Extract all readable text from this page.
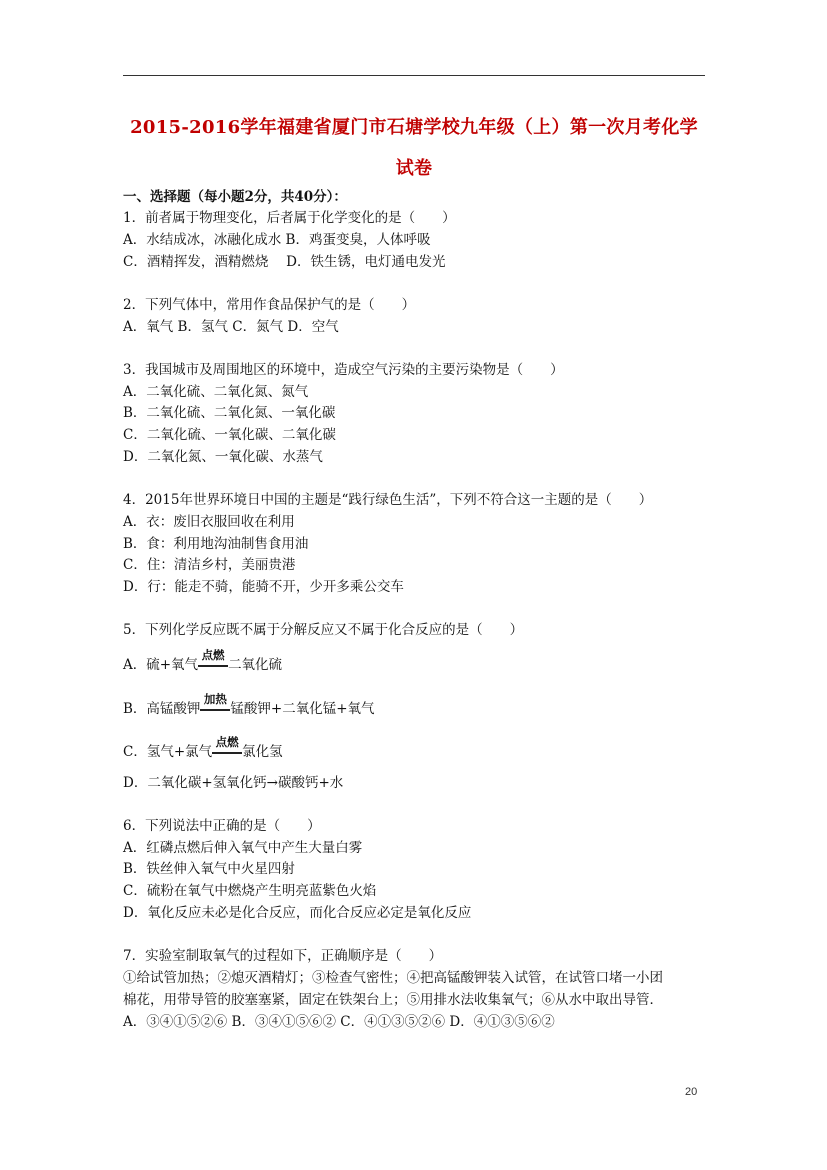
2015-2016学年福建省厦门市石塘学校九年级（上）第一次月考化学
试卷
一、选择题（每小题2分，共40分）：
1．前者属于物理变化，后者属于化学变化的是（　　）
A．水结成冰，冰融化成水 B．鸡蛋变臭，人体呼吸
C．酒精挥发，酒精燃烧　 D．铁生锈，电灯通电发光
2．下列气体中，常用作食品保护气的是（　　）
A．氧气 B．氢气 C．氮气 D．空气
3．我国城市及周围地区的环境中，造成空气污染的主要污染物是（　　）
A．二氧化硫、二氧化氮、氮气
B．二氧化硫、二氧化氮、一氧化碳
C．二氧化硫、一氧化碳、二氧化碳
D．二氧化氮、一氧化碳、水蒸气
4．2015年世界环境日中国的主题是“践行绿色生活”，下列不符合这一主题的是（　　）
A．衣：废旧衣服回收在利用
B．食：利用地沟油制售食用油
C．住：清洁乡村，美丽贵港
D．行：能走不骑，能骑不开，少开多乘公交车
5．下列化学反应既不属于分解反应又不属于化合反应的是（　　）
A．硫+氧气
点燃
二氧化硫
B．高锰酸钾
加热
锰酸钾+二氧化锰+氧气
C．氢气+氯气
点燃
氯化氢
D．二氧化碳+氢氧化钙→碳酸钙+水
6．下列说法中正确的是（　　）
A．红磷点燃后伸入氧气中产生大量白雾
B．铁丝伸入氧气中火星四射
C．硫粉在氧气中燃烧产生明亮蓝紫色火焰
D．氧化反应未必是化合反应，而化合反应必定是氧化反应
7．实验室制取氧气的过程如下，正确顺序是（　　）
①给试管加热；②熄灭酒精灯；③检查气密性；④把高锰酸钾装入试管，在试管口堵一小团
棉花，用带导管的胶塞塞紧，固定在铁架台上；⑤用排水法收集氧气；⑥从水中取出导管．
A．③④①⑤②⑥ B．③④①⑤⑥② C．④①③⑤②⑥ D．④①③⑤⑥②
20
